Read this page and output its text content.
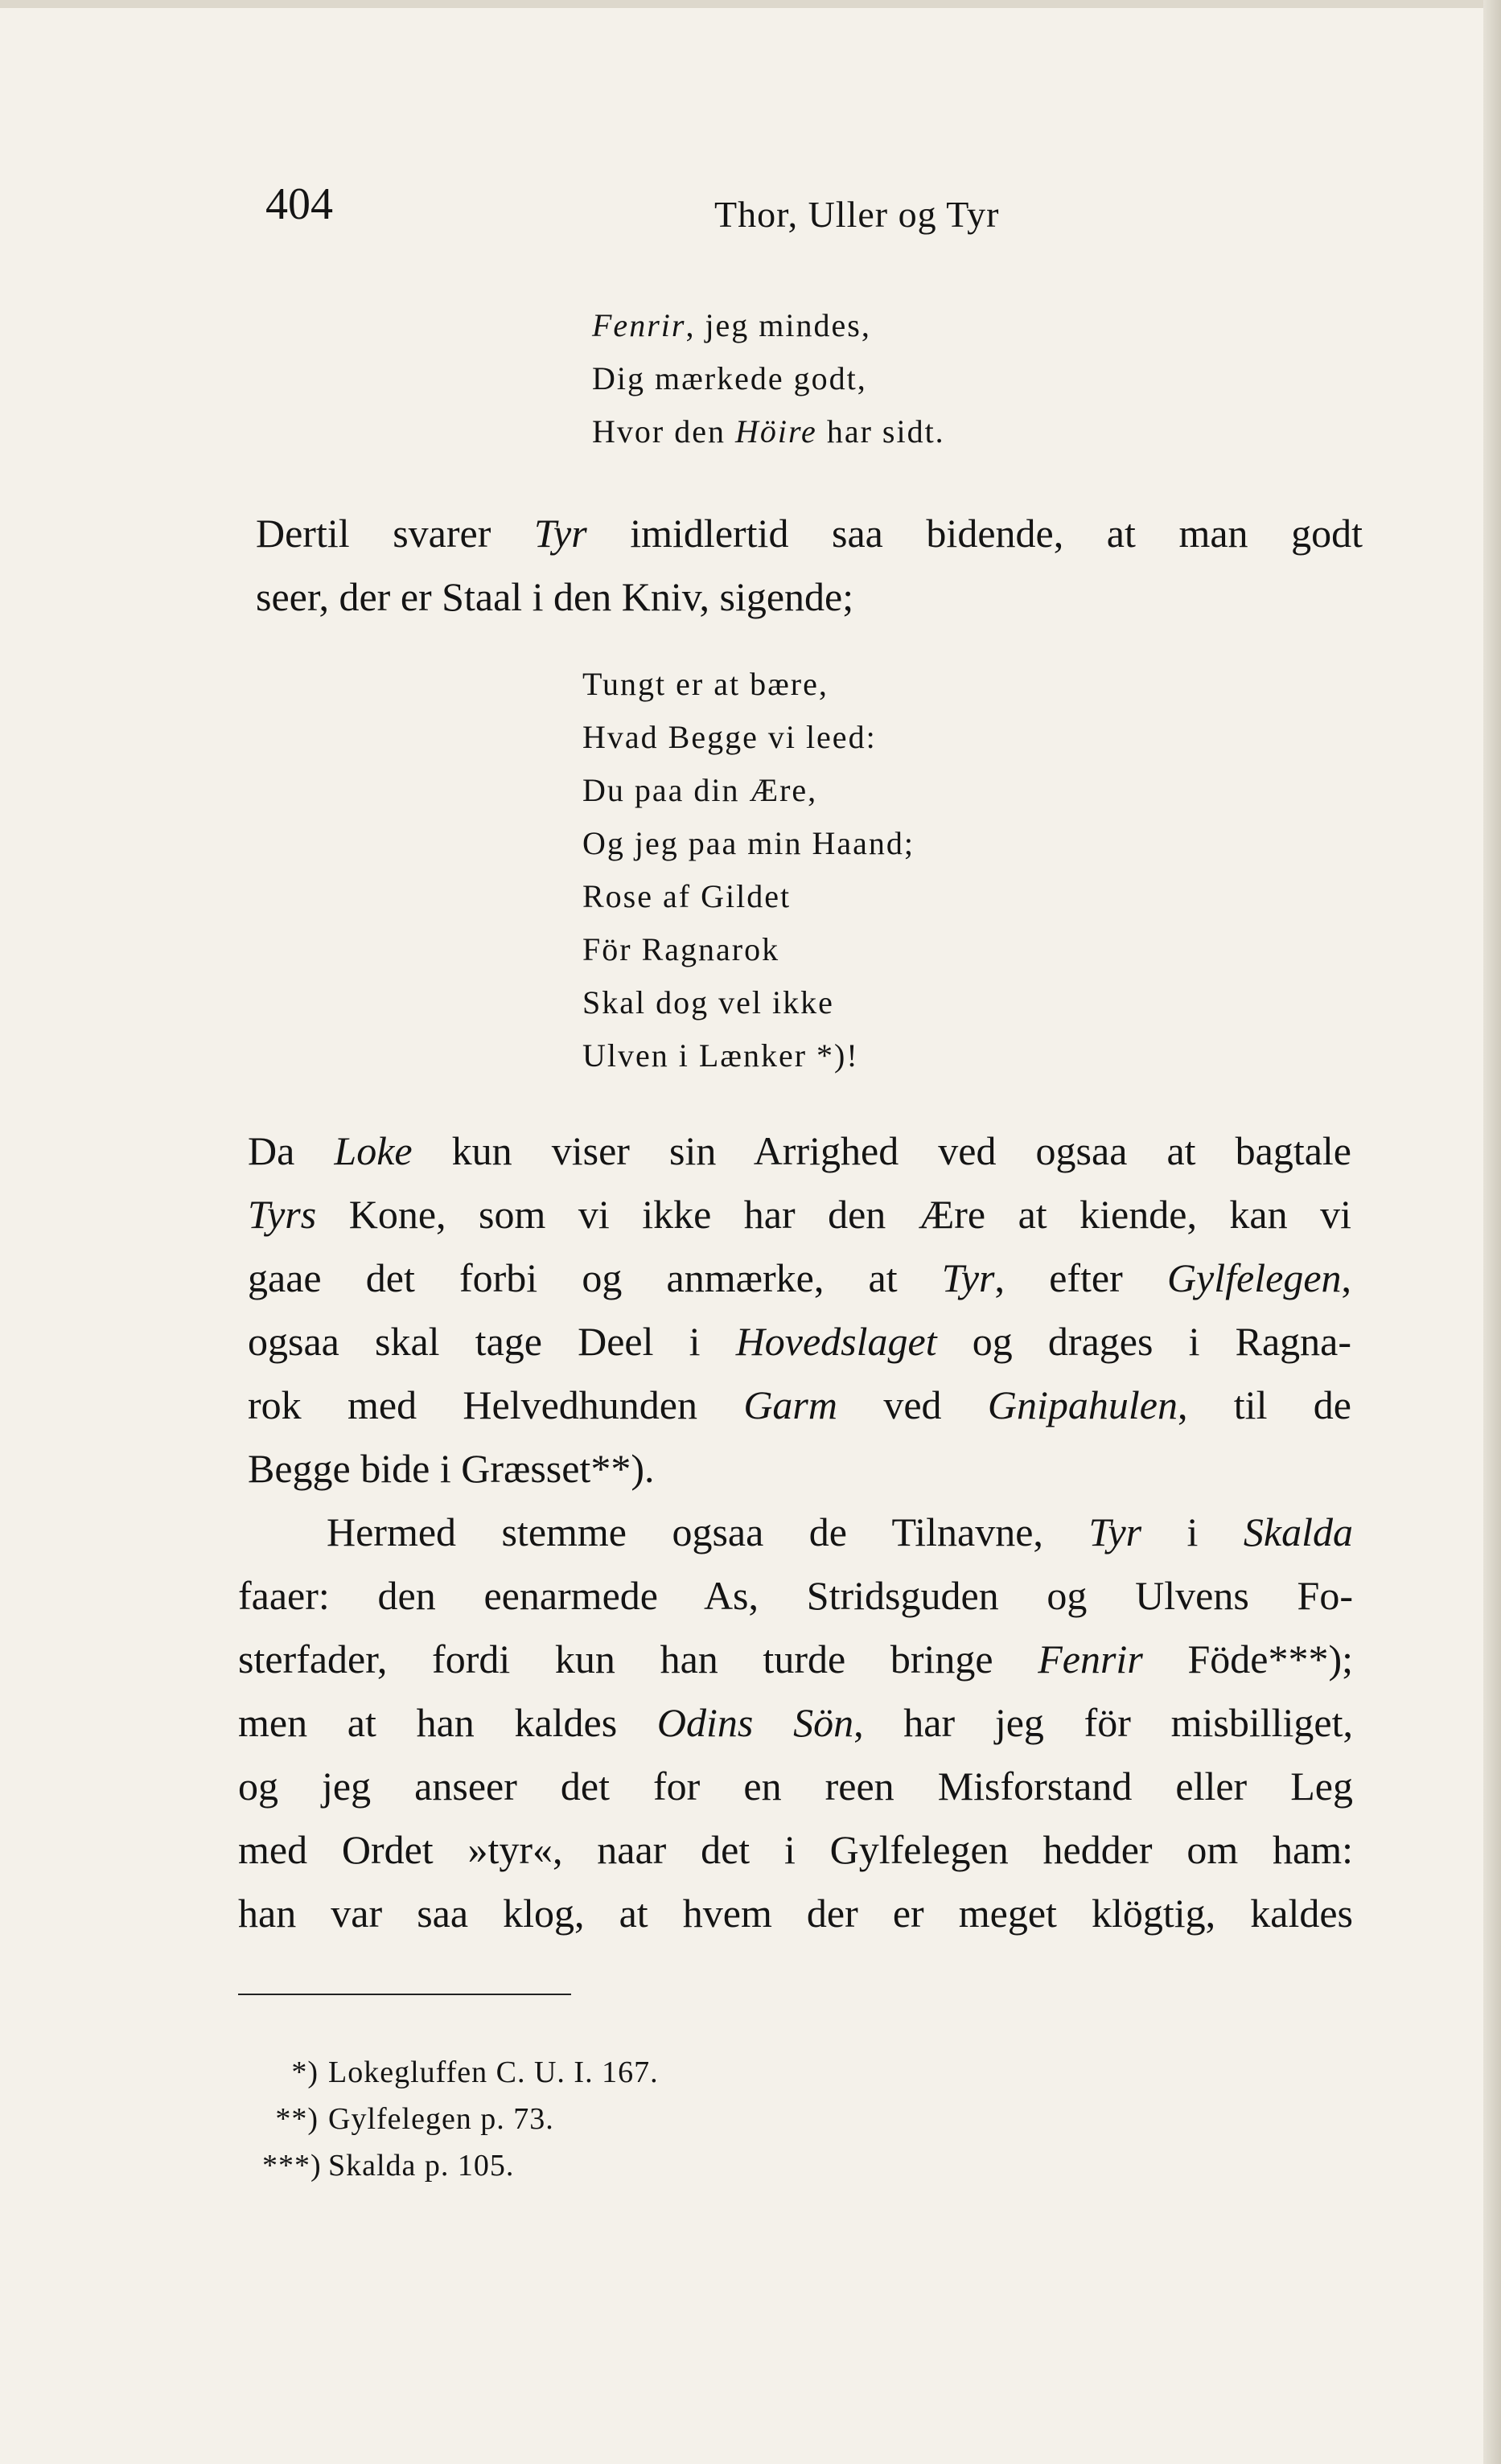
404	Thor, Uller og Tyr
Fenrir, jeg mindes,
Dig mærkede godt,
Hvor den Höire har sidt.
Dertil svarer Tyr imidlertid saa bidende, at man godt
seer, der er Staal i den Kniv, sigende;
Tungt er at bære,
Hvad Begge vi leed:
Du paa din Ære,
Og jeg paa min Haand;
Rose af Gildet
För Ragnarok
Skal dog vel ikke
Ulven i Lænker *)!
Da Loke kun viser sin Arrighed ved ogsaa at bagtale
Tyrs Kone, som vi ikke har den Ære at kiende, kan vi
gaae det forbi og anmærke, at Tyr, efter Gylfelegen,
ogsaa skal tage Deel i Hovedslaget og drages i Ragna-
rok med Helvedhunden Garm ved Gnipahulen, til de
Begge bide i Græsset**).
Hermed stemme ogsaa de Tilnavne, Tyr i Skalda
faaer: den eenarmede As, Stridsguden og Ulvens Fo-
sterfader, fordi kun han turde bringe Fenrir Föde***);
men at han kaldes Odins Sön, har jeg för misbilliget,
og jeg anseer det for en reen Misforstand eller Leg
med Ordet »tyr«, naar det i Gylfelegen hedder om ham:
han var saa klog, at hvem der er meget klögtig, kaldes
*) Lokegluffen C. U. I. 167.
**) Gylfelegen p. 73.
***) Skalda p. 105.
